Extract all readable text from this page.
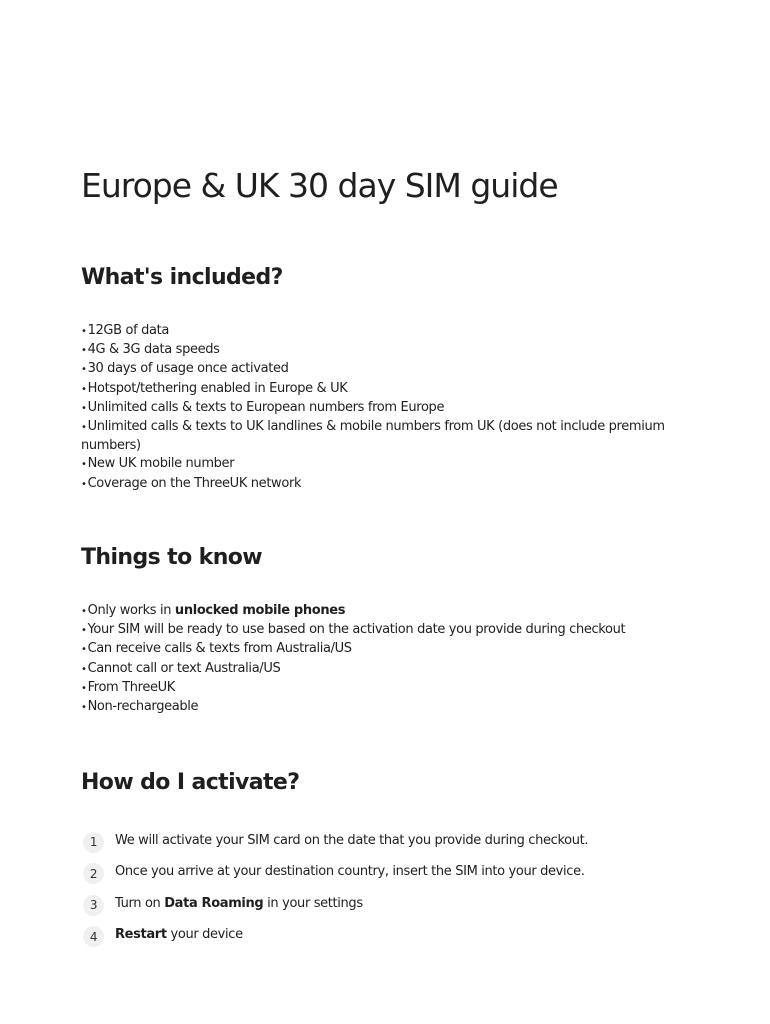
Europe & UK 30 day SIM guide
What's included?
• 12GB of data
• 4G & 3G data speeds
• 30 days of usage once activated
• Hotspot/tethering enabled in Europe & UK
• Unlimited calls & texts to European numbers from Europe
• Unlimited calls & texts to UK landlines & mobile numbers from UK (does not include premium numbers)
• New UK mobile number
• Coverage on the ThreeUK network
Things to know
• Only works in unlocked mobile phones
• Your SIM will be ready to use based on the activation date you provide during checkout
• Can receive calls & texts from Australia/US
• Cannot call or text Australia/US
• From ThreeUK
• Non-rechargeable
How do I activate?
1	We will activate your SIM card on the date that you provide during checkout.
2	Once you arrive at your destination country, insert the SIM into your device.
3	Turn on Data Roaming in your settings
4	Restart your device
